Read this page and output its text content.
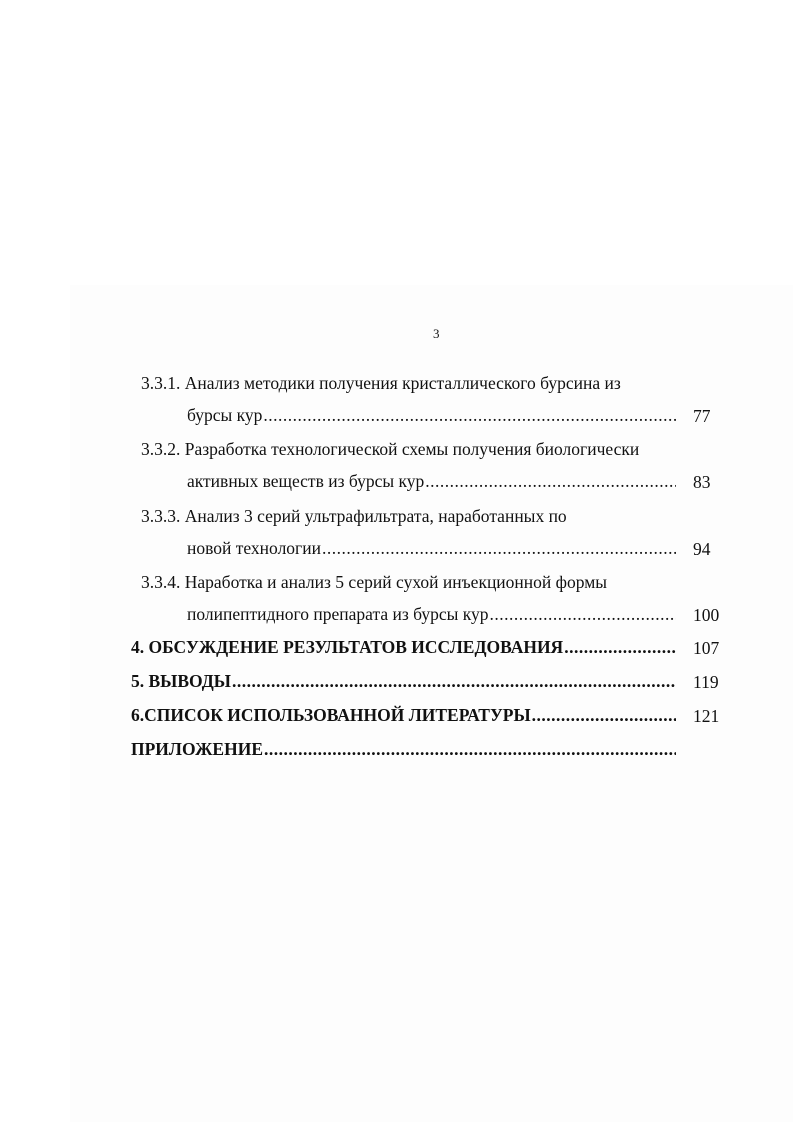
3
3.3.1. Анализ методики получения кристаллического бурсина из
бурсы кур .....	77
3.3.2. Разработка технологической схемы получения биологически
активных веществ из бурсы кур .....	83
3.3.3. Анализ 3 серий ультрафильтрата, наработанных по
новой технологии .....	94
3.3.4. Наработка и анализ 5 серий сухой инъекционной формы
полипептидного препарата из бурсы кур .....	100
4. ОБСУЖДЕНИЕ РЕЗУЛЬТАТОВ ИССЛЕДОВАНИЯ .....	107
5. ВЫВОДЫ .....	119
6.СПИСОК ИСПОЛЬЗОВАННОЙ ЛИТЕРАТУРЫ .....	121
ПРИЛОЖЕНИЕ
.....
